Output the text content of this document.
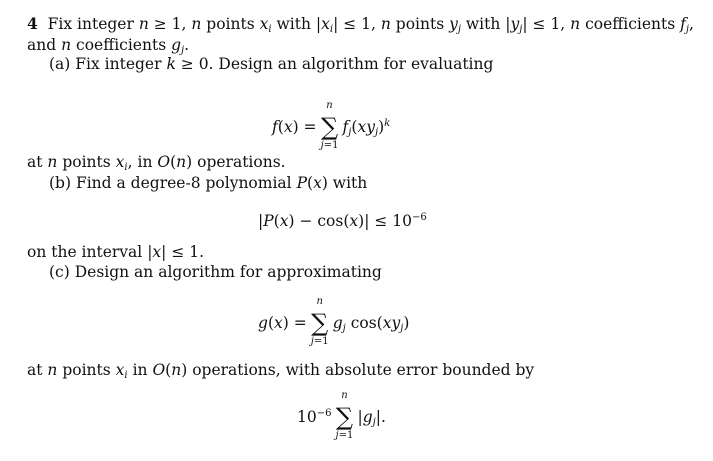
4 Fix integer n ≥ 1, n points $x_i$ with $|x_i| \le 1$, n points $y_j$ with $|y_j| \le 1$, n coefficients $f_j$,
and n coefficients $g_j$.
(a) Fix integer k ≥ 0. Design an algorithm for evaluating
f(x) =
n
∑
j=1
$f_j(xy_j)^k$
at n points $x_i$, in O(n) operations.
(b) Find a degree-8 polynomial P(x) with
$|P(x) - \cos(x)| \le 10^{-6}$
on the interval |x| ≤ 1.
(c) Design an algorithm for approximating
g(x) =
n
∑
j=1
$g_j$ $\cos(xy_j)$
at n points $x_i$ in O(n) operations, with absolute error bounded by
$10^{-6}$
n
∑
j=1
$|g_j|$.
